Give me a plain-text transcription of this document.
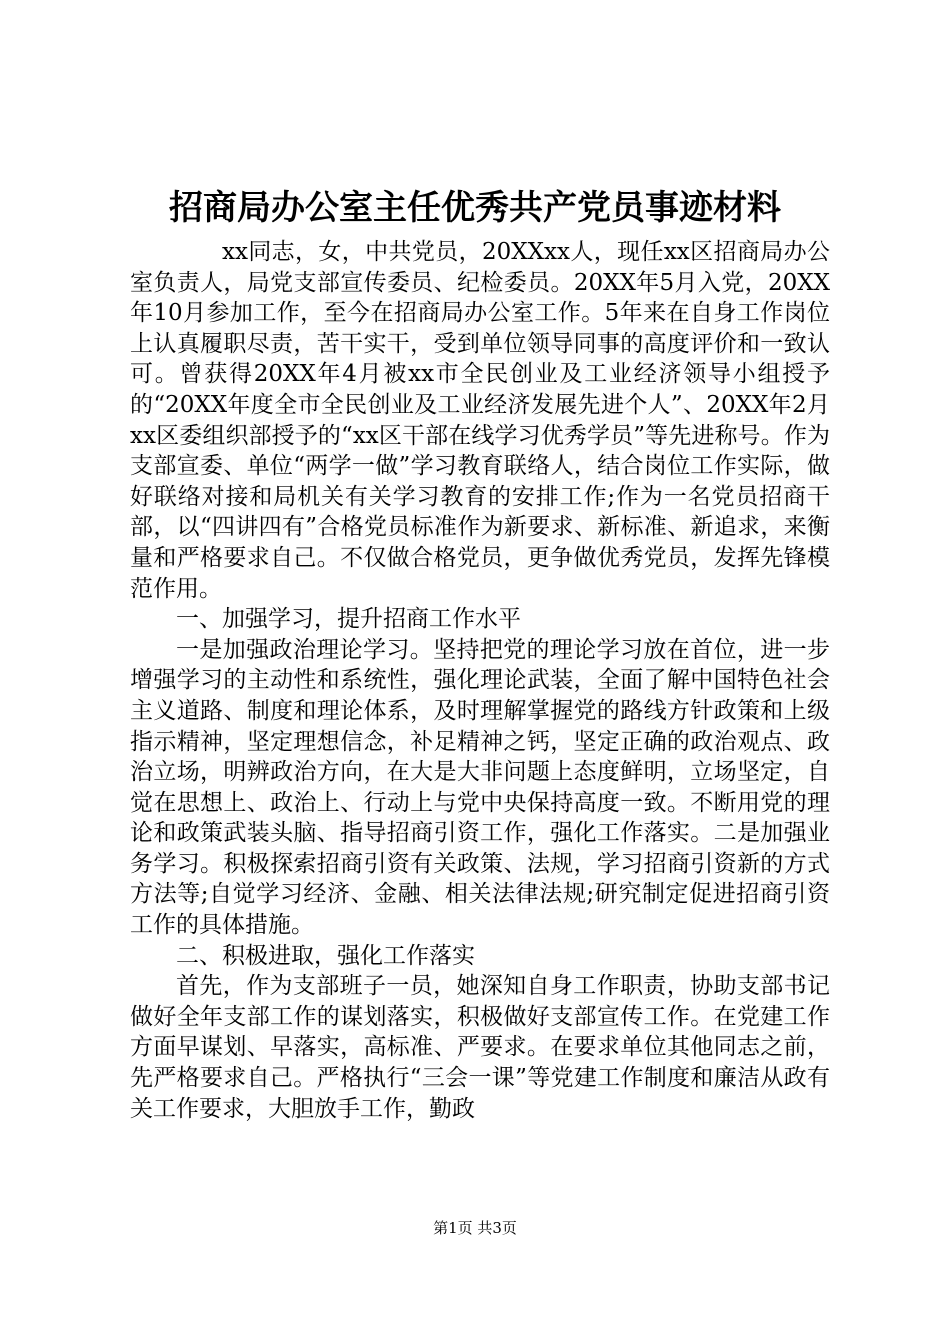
招商局办公室主任优秀共产党员事迹材料

xx同志，女，中共党员，20XXxx人，现任xx区招商局办公室负责人，局党支部宣传委员、纪检委员。20XX年5月入党，20XX年10月参加工作，至今在招商局办公室工作。5年来在自身工作岗位上认真履职尽责，苦干实干，受到单位领导同事的高度评价和一致认可。曾获得20XX年4月被xx市全民创业及工业经济领导小组授予的“20XX年度全市全民创业及工业经济发展先进个人”、20XX年2月xx区委组织部授予的“xx区干部在线学习优秀学员”等先进称号。作为支部宣委、单位“两学一做”学习教育联络人，结合岗位工作实际，做好联络对接和局机关有关学习教育的安排工作;作为一名党员招商干部，以“四讲四有”合格党员标准作为新要求、新标准、新追求，来衡量和严格要求自己。不仅做合格党员，更争做优秀党员，发挥先锋模范作用。

一、加强学习，提升招商工作水平

一是加强政治理论学习。坚持把党的理论学习放在首位，进一步增强学习的主动性和系统性，强化理论武装，全面了解中国特色社会主义道路、制度和理论体系，及时理解掌握党的路线方针政策和上级指示精神，坚定理想信念，补足精神之钙，坚定正确的政治观点、政治立场，明辨政治方向，在大是大非问题上态度鲜明，立场坚定，自觉在思想上、政治上、行动上与党中央保持高度一致。不断用党的理论和政策武装头脑、指导招商引资工作，强化工作落实。二是加强业务学习。积极探索招商引资有关政策、法规，学习招商引资新的方式方法等;自觉学习经济、金融、相关法律法规;研究制定促进招商引资工作的具体措施。

二、积极进取，强化工作落实

首先，作为支部班子一员，她深知自身工作职责，协助支部书记做好全年支部工作的谋划落实，积极做好支部宣传工作。在党建工作方面早谋划、早落实，高标准、严要求。在要求单位其他同志之前，先严格要求自己。严格执行“三会一课”等党建工作制度和廉洁从政有关工作要求，大胆放手工作，勤政

第1页 共3页
